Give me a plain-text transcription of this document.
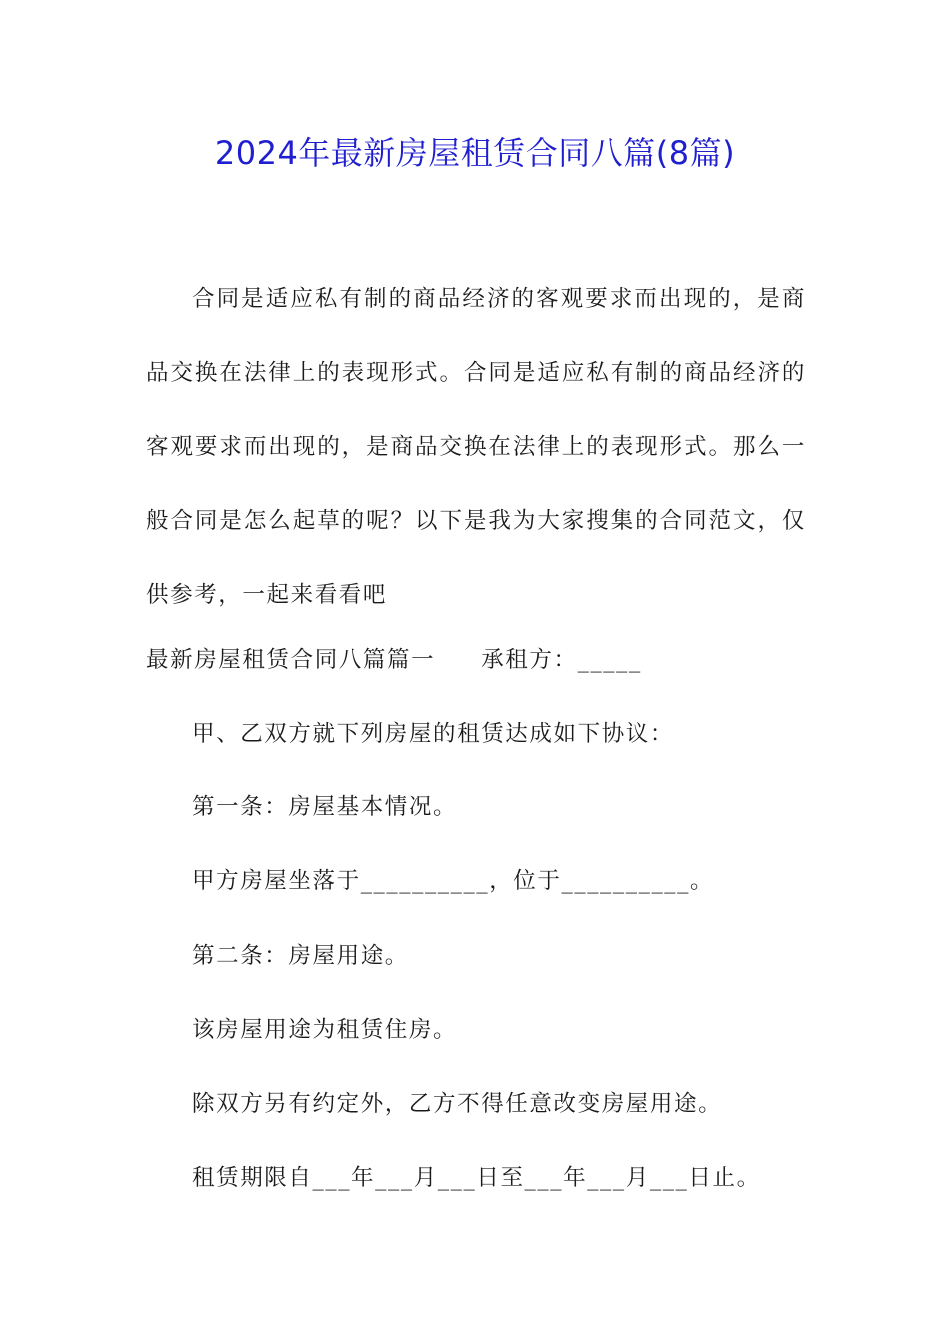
2024年最新房屋租赁合同八篇(8篇)

合同是适应私有制的商品经济的客观要求而出现的，是商品交换在法律上的表现形式。合同是适应私有制的商品经济的客观要求而出现的，是商品交换在法律上的表现形式。那么一般合同是怎么起草的呢？以下是我为大家搜集的合同范文，仅供参考，一起来看看吧

最新房屋租赁合同八篇篇一 承租方：_____

甲、乙双方就下列房屋的租赁达成如下协议：

第一条：房屋基本情况。

甲方房屋坐落于__________，位于__________。

第二条：房屋用途。

该房屋用途为租赁住房。

除双方另有约定外，乙方不得任意改变房屋用途。

租赁期限自___年___月___日至___年___月___日止。
